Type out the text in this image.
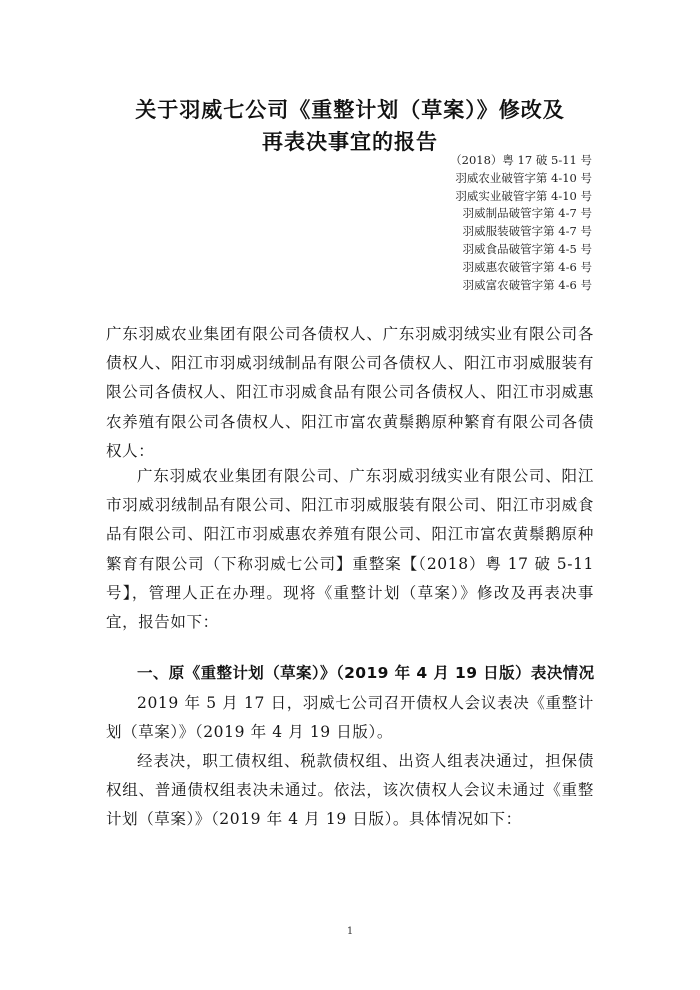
关于羽威七公司《重整计划（草案）》修改及
再表决事宜的报告
（2018）粤 17 破 5-11 号
羽威农业破管字第 4-10 号
羽威实业破管字第 4-10 号
羽威制品破管字第 4-7 号
羽威服装破管字第 4-7 号
羽威食品破管字第 4-5 号
羽威惠农破管字第 4-6 号
羽威富农破管字第 4-6 号

广东羽威农业集团有限公司各债权人、广东羽威羽绒实业有限公司各债权人、阳江市羽威羽绒制品有限公司各债权人、阳江市羽威服装有限公司各债权人、阳江市羽威食品有限公司各债权人、阳江市羽威惠农养殖有限公司各债权人、阳江市富农黄鬃鹅原种繁育有限公司各债权人：

广东羽威农业集团有限公司、广东羽威羽绒实业有限公司、阳江市羽威羽绒制品有限公司、阳江市羽威服装有限公司、阳江市羽威食品有限公司、阳江市羽威惠农养殖有限公司、阳江市富农黄鬃鹅原种繁育有限公司（下称羽威七公司】重整案【（2018）粤 17 破 5-11 号】，管理人正在办理。现将《重整计划（草案）》修改及再表决事宜，报告如下：

一、原《重整计划（草案）》（2019 年 4 月 19 日版）表决情况

2019 年 5 月 17 日，羽威七公司召开债权人会议表决《重整计划（草案）》（2019 年 4 月 19 日版）。

经表决，职工债权组、税款债权组、出资人组表决通过，担保债权组、普通债权组表决未通过。依法，该次债权人会议未通过《重整计划（草案）》（2019 年 4 月 19 日版）。具体情况如下：

1
